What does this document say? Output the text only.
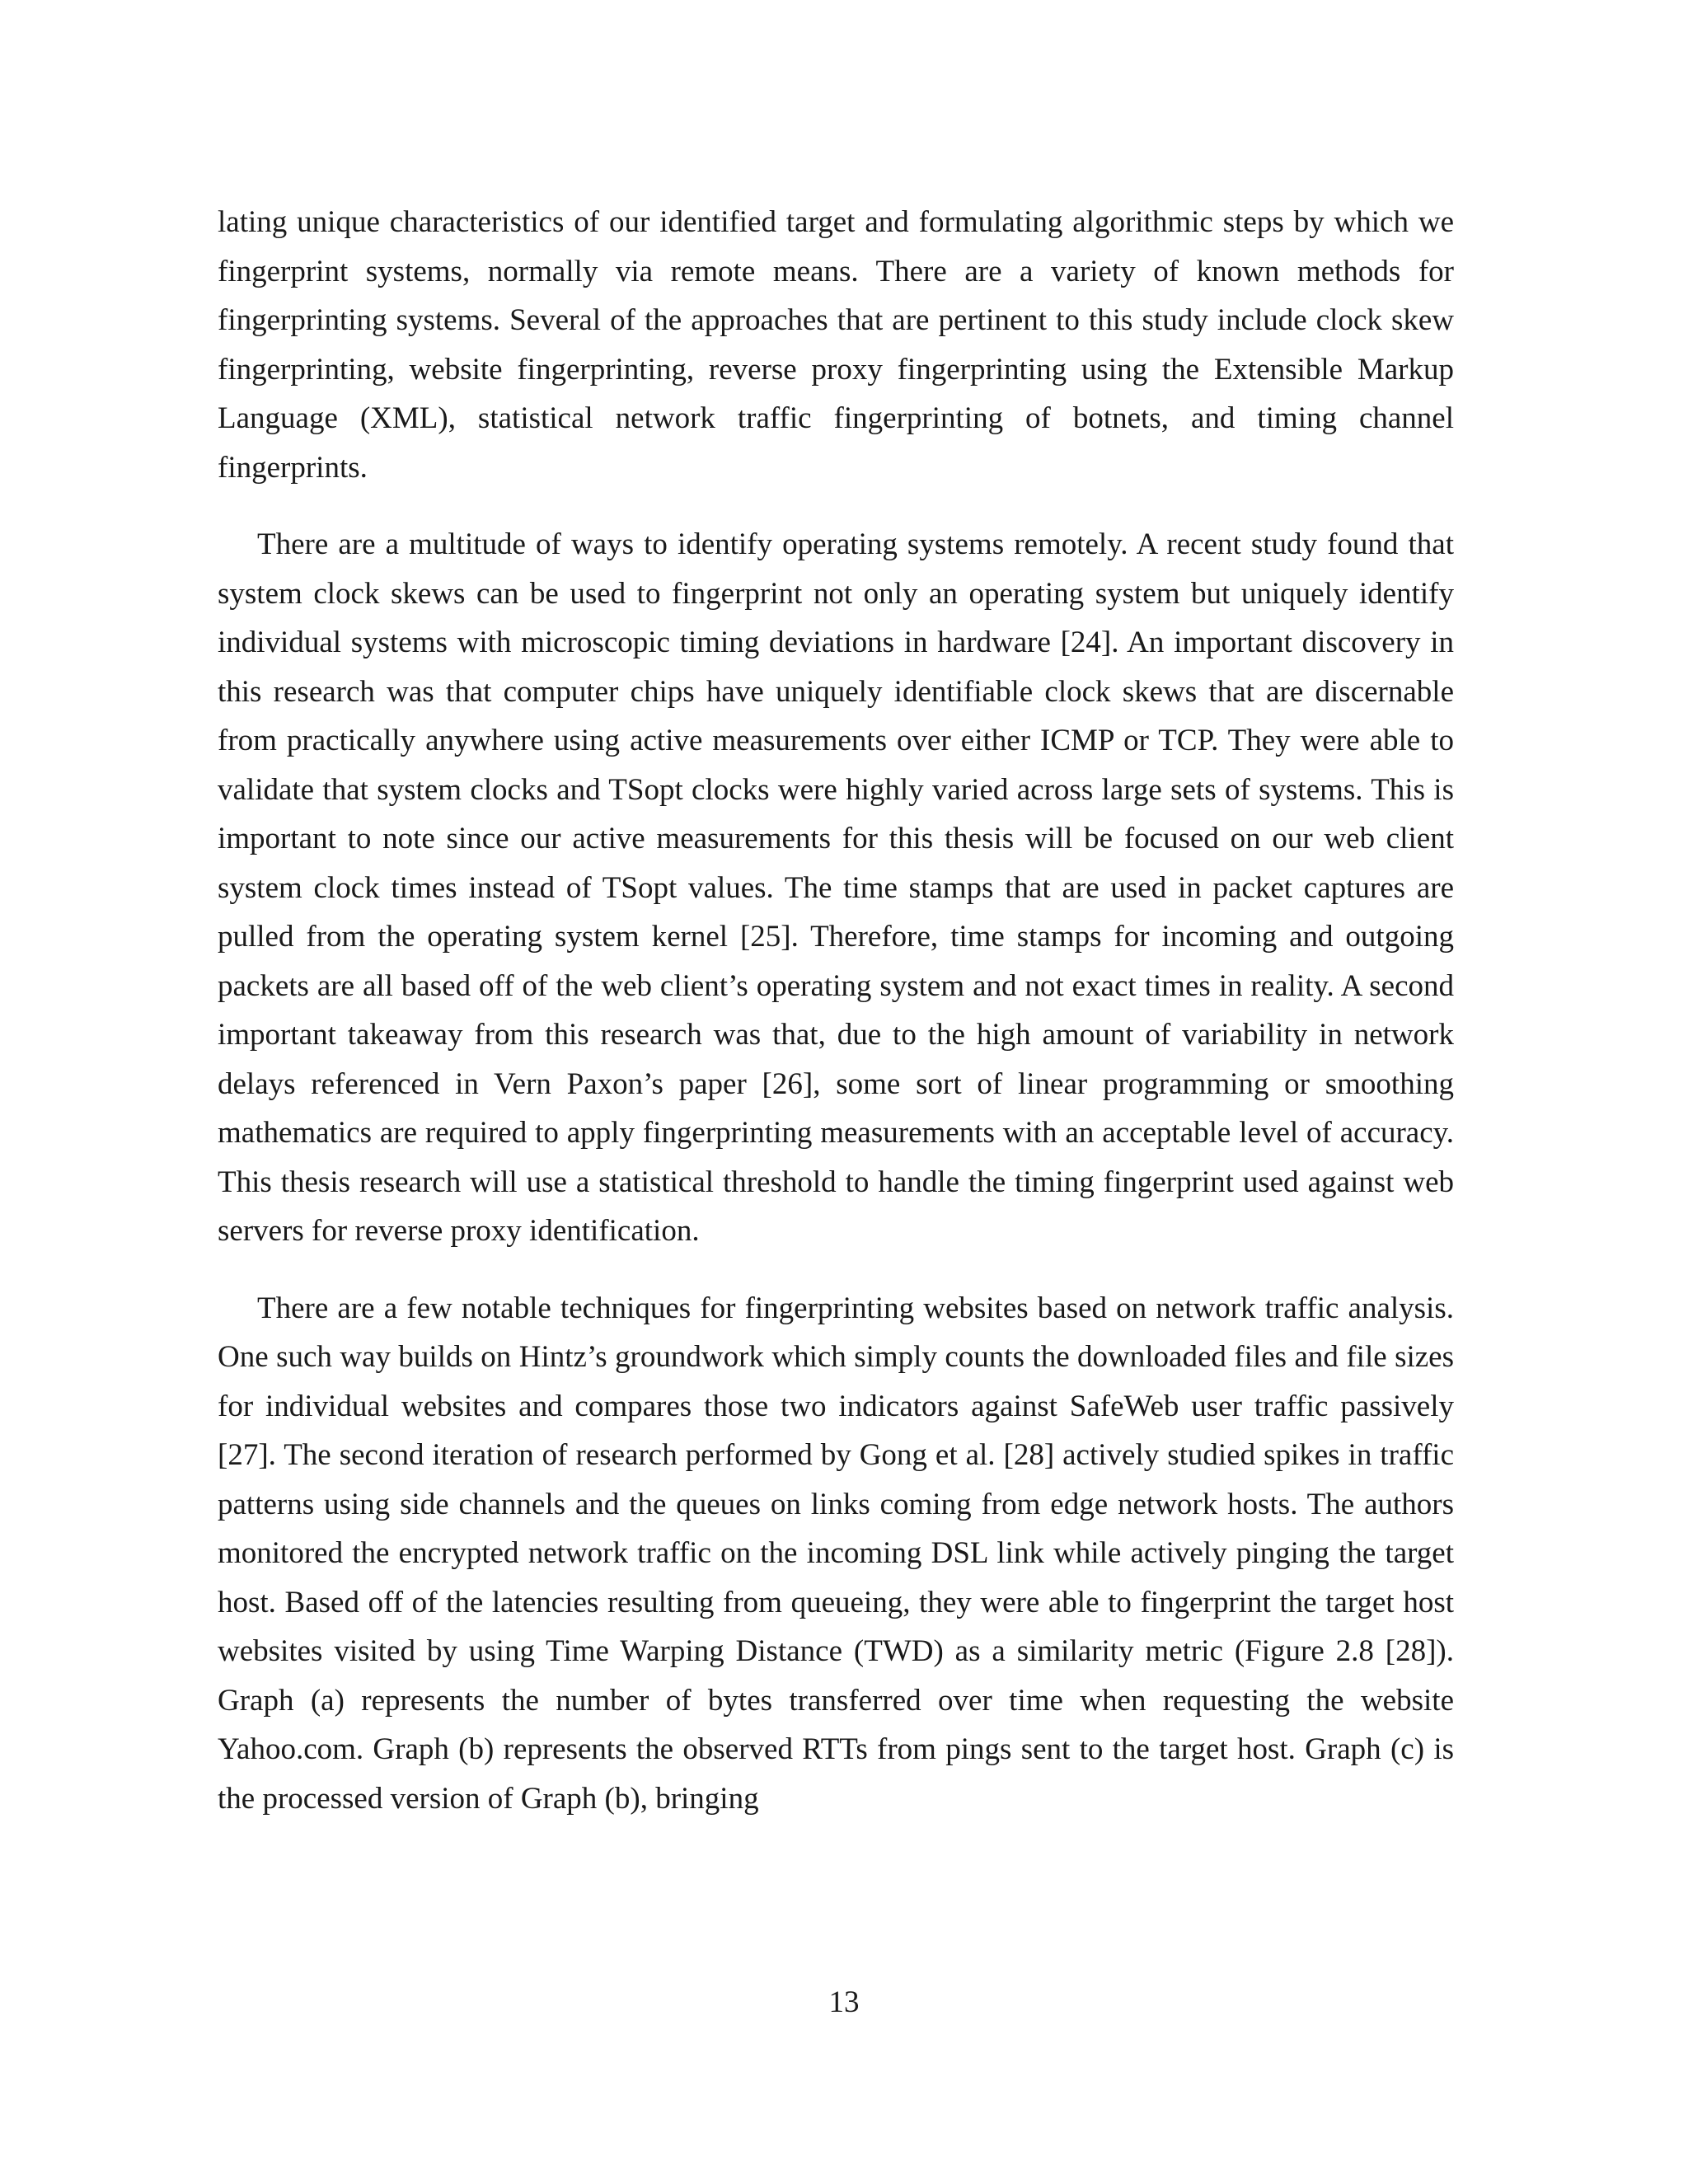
lating unique characteristics of our identified target and formulating algorithmic steps by which we fingerprint systems, normally via remote means. There are a variety of known methods for fingerprinting systems. Several of the approaches that are pertinent to this study include clock skew fingerprinting, website fingerprinting, reverse proxy fingerprinting using the Extensible Markup Language (XML), statistical network traffic fingerprinting of botnets, and timing channel fingerprints.

There are a multitude of ways to identify operating systems remotely. A recent study found that system clock skews can be used to fingerprint not only an operating system but uniquely identify individual systems with microscopic timing deviations in hardware [24]. An important discovery in this research was that computer chips have uniquely identifiable clock skews that are discernable from practically anywhere using active measurements over either ICMP or TCP. They were able to validate that system clocks and TSopt clocks were highly varied across large sets of systems. This is important to note since our active measurements for this thesis will be focused on our web client system clock times instead of TSopt values. The time stamps that are used in packet captures are pulled from the operating system kernel [25]. Therefore, time stamps for incoming and outgoing packets are all based off of the web client’s operating system and not exact times in reality. A second important takeaway from this research was that, due to the high amount of variability in network delays referenced in Vern Paxon’s paper [26], some sort of linear programming or smoothing mathematics are required to apply fingerprinting measurements with an acceptable level of accuracy. This thesis research will use a statistical threshold to handle the timing fingerprint used against web servers for reverse proxy identification.

There are a few notable techniques for fingerprinting websites based on network traffic analysis. One such way builds on Hintz’s groundwork which simply counts the downloaded files and file sizes for individual websites and compares those two indicators against SafeWeb user traffic passively [27]. The second iteration of research performed by Gong et al. [28] actively studied spikes in traffic patterns using side channels and the queues on links coming from edge network hosts. The authors monitored the encrypted network traffic on the incoming DSL link while actively pinging the target host. Based off of the latencies resulting from queueing, they were able to fingerprint the target host websites visited by using Time Warping Distance (TWD) as a similarity metric (Figure 2.8 [28]). Graph (a) represents the number of bytes transferred over time when requesting the website Yahoo.com. Graph (b) represents the observed RTTs from pings sent to the target host. Graph (c) is the processed version of Graph (b), bringing

13
